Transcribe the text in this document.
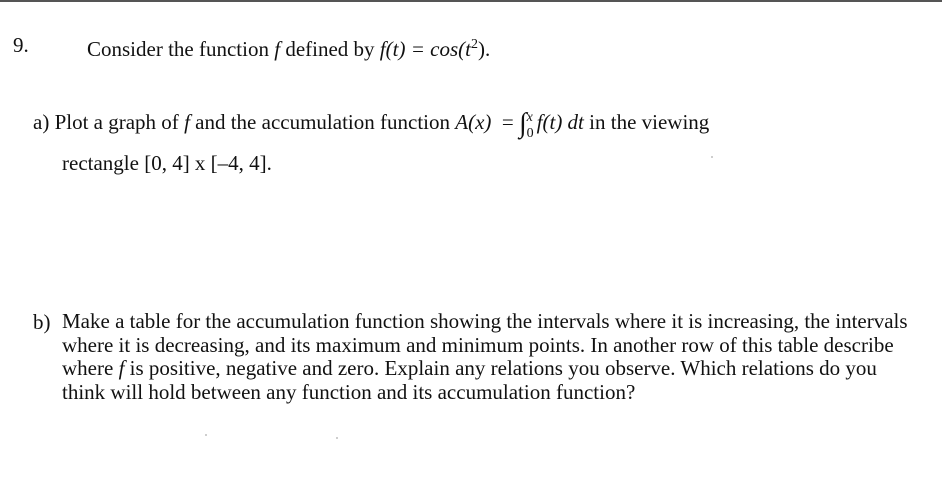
9.	Consider the function f defined by $f(t) = \cos(t^2)$.
a) Plot a graph of f and the accumulation function A(x) = ∫ x
0 f(t) dt in the viewing
rectangle [0, 4] x [–4, 4].
b) Make a table for the accumulation function showing the intervals where it is increasing, the intervals where it is decreasing, and its maximum and minimum points. In another row of this table describe where f is positive, negative and zero. Explain any relations you observe. Which relations do you think will hold between any function and its accumulation function?
